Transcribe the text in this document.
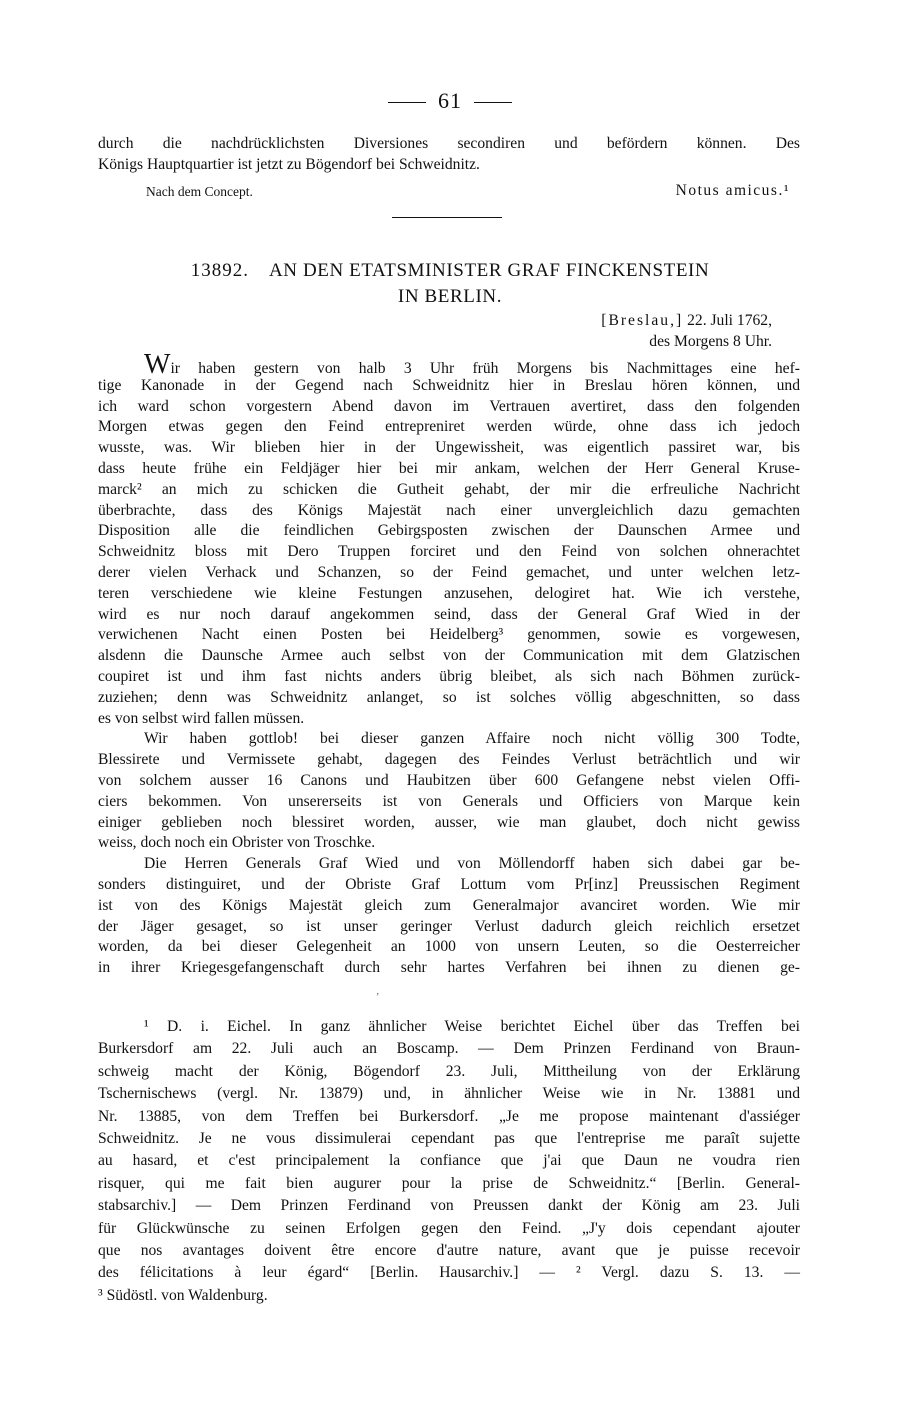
61
durch die nachdrücklichsten Diversiones secondiren und befördern können. Des
Königs Hauptquartier ist jetzt zu Bögendorf bei Schweidnitz.
Nach dem Concept.	Notus amicus.¹
13892. AN DEN ETATSMINISTER GRAF FINCKENSTEIN
IN BERLIN.
[Breslau,] 22. Juli 1762,
des Morgens 8 Uhr.
Wir haben gestern von halb 3 Uhr früh Morgens bis Nachmittages eine hef-
tige Kanonade in der Gegend nach Schweidnitz hier in Breslau hören können, und
ich ward schon vorgestern Abend davon im Vertrauen avertiret, dass den folgenden
Morgen etwas gegen den Feind entrepreniret werden würde, ohne dass ich jedoch
wusste, was. Wir blieben hier in der Ungewissheit, was eigentlich passiret war, bis
dass heute frühe ein Feldjäger hier bei mir ankam, welchen der Herr General Kruse-
marck² an mich zu schicken die Gutheit gehabt, der mir die erfreuliche Nachricht
überbrachte, dass des Königs Majestät nach einer unvergleichlich dazu gemachten
Disposition alle die feindlichen Gebirgsposten zwischen der Daunschen Armee und
Schweidnitz bloss mit Dero Truppen forciret und den Feind von solchen ohnerachtet
derer vielen Verhack und Schanzen, so der Feind gemachet, und unter welchen letz-
teren verschiedene wie kleine Festungen anzusehen, delogiret hat. Wie ich verstehe,
wird es nur noch darauf angekommen seind, dass der General Graf Wied in der
verwichenen Nacht einen Posten bei Heidelberg³ genommen, sowie es vorgewesen,
alsdenn die Daunsche Armee auch selbst von der Communication mit dem Glatzischen
coupiret ist und ihm fast nichts anders übrig bleibet, als sich nach Böhmen zurück-
zuziehen; denn was Schweidnitz anlanget, so ist solches völlig abgeschnitten, so dass
es von selbst wird fallen müssen.
Wir haben gottlob! bei dieser ganzen Affaire noch nicht völlig 300 Todte,
Blessirete und Vermissete gehabt, dagegen des Feindes Verlust beträchtlich und wir
von solchem ausser 16 Canons und Haubitzen über 600 Gefangene nebst vielen Offi-
ciers bekommen. Von unsererseits ist von Generals und Officiers von Marque kein
einiger geblieben noch blessiret worden, ausser, wie man glaubet, doch nicht gewiss
weiss, doch noch ein Obrister von Troschke.
Die Herren Generals Graf Wied und von Möllendorff haben sich dabei gar be-
sonders distinguiret, und der Obriste Graf Lottum vom Pr[inz] Preussischen Regiment
ist von des Königs Majestät gleich zum Generalmajor avanciret worden. Wie mir
der Jäger gesaget, so ist unser geringer Verlust dadurch gleich reichlich ersetzet
worden, da bei dieser Gelegenheit an 1000 von unsern Leuten, so die Oesterreicher
in ihrer Kriegesgefangenschaft durch sehr hartes Verfahren bei ihnen zu dienen ge-
’
¹ D. i. Eichel. In ganz ähnlicher Weise berichtet Eichel über das Treffen bei
Burkersdorf am 22. Juli auch an Boscamp. — Dem Prinzen Ferdinand von Braun-
schweig macht der König, Bögendorf 23. Juli, Mittheilung von der Erklärung
Tschernischews (vergl. Nr. 13879) und, in ähnlicher Weise wie in Nr. 13881 und
Nr. 13885, von dem Treffen bei Burkersdorf. „Je me propose maintenant d'assiéger
Schweidnitz. Je ne vous dissimulerai cependant pas que l'entreprise me paraît sujette
au hasard, et c'est principalement la confiance que j'ai que Daun ne voudra rien
risquer, qui me fait bien augurer pour la prise de Schweidnitz.“ [Berlin. General-
stabsarchiv.] — Dem Prinzen Ferdinand von Preussen dankt der König am 23. Juli
für Glückwünsche zu seinen Erfolgen gegen den Feind. „J'y dois cependant ajouter
que nos avantages doivent être encore d'autre nature, avant que je puisse recevoir
des félicitations à leur égard“ [Berlin. Hausarchiv.] — ² Vergl. dazu S. 13. —
³ Südöstl. von Waldenburg.
